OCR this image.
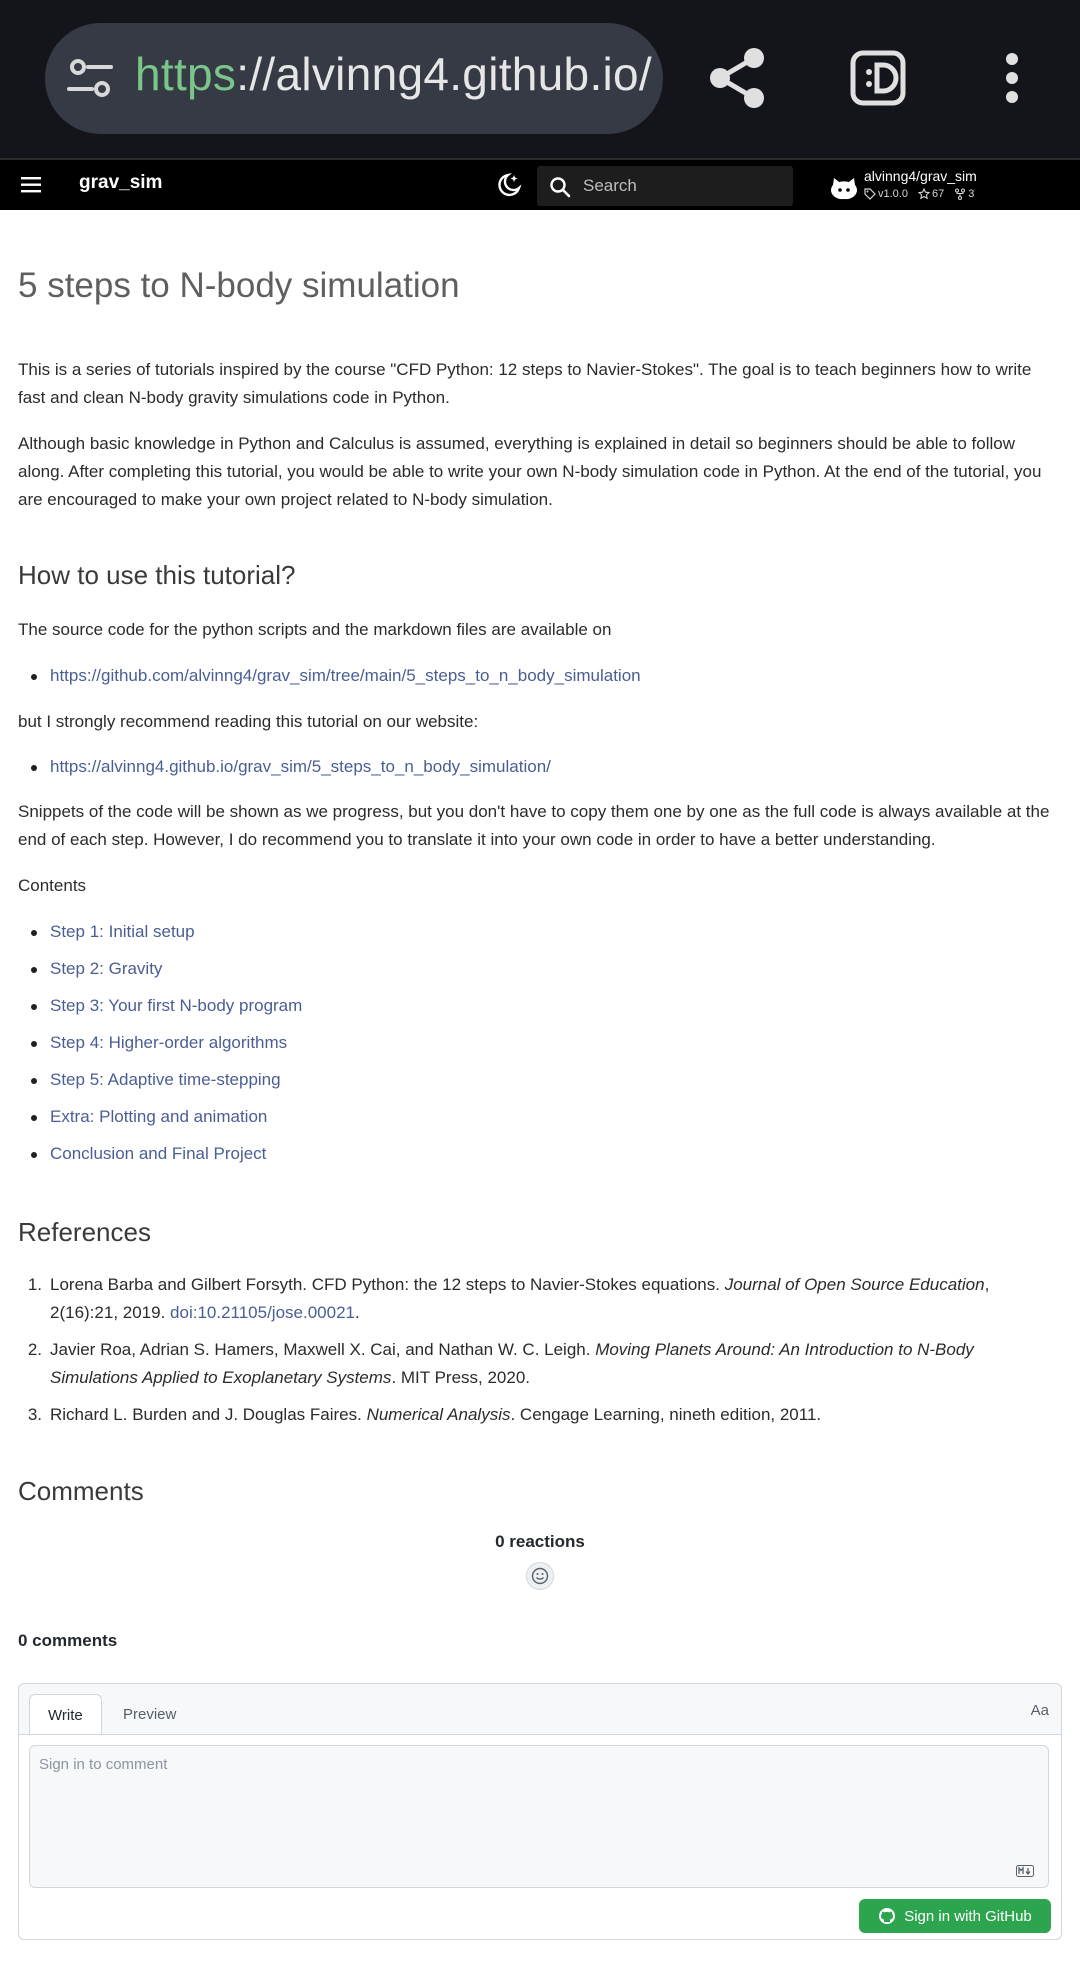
https://alvinng4.github.io/
grav_sim
Search	alvinng4/grav_sim
v1.0.0 67 3
5 steps to N-body simulation

This is a series of tutorials inspired by the course "CFD Python: 12 steps to Navier-Stokes". The goal is to teach beginners how to write fast and clean N-body gravity simulations code in Python.

Although basic knowledge in Python and Calculus is assumed, everything is explained in detail so beginners should be able to follow along. After completing this tutorial, you would be able to write your own N-body simulation code in Python. At the end of the tutorial, you are encouraged to make your own project related to N-body simulation.

How to use this tutorial?

The source code for the python scripts and the markdown files are available on

https://github.com/alvinng4/grav_sim/tree/main/5_steps_to_n_body_simulation

but I strongly recommend reading this tutorial on our website:

https://alvinng4.github.io/grav_sim/5_steps_to_n_body_simulation/

Snippets of the code will be shown as we progress, but you don't have to copy them one by one as the full code is always available at the end of each step. However, I do recommend you to translate it into your own code in order to have a better understanding.

Contents

Step 1: Initial setup
Step 2: Gravity
Step 3: Your first N-body program
Step 4: Higher-order algorithms
Step 5: Adaptive time-stepping
Extra: Plotting and animation
Conclusion and Final Project
References
1. Lorena Barba and Gilbert Forsyth. CFD Python: the 12 steps to Navier-Stokes equations. Journal of Open Source Education, 2(16):21, 2019. doi:10.21105/jose.00021.
2. Javier Roa, Adrian S. Hamers, Maxwell X. Cai, and Nathan W. C. Leigh. Moving Planets Around: An Introduction to N-Body Simulations Applied to Exoplanetary Systems. MIT Press, 2020.
3. Richard L. Burden and J. Douglas Faires. Numerical Analysis. Cengage Learning, nineth edition, 2011.
Comments
0 reactions
0 comments
Write	Preview	Aa
Sign in to comment
Sign in with GitHub
